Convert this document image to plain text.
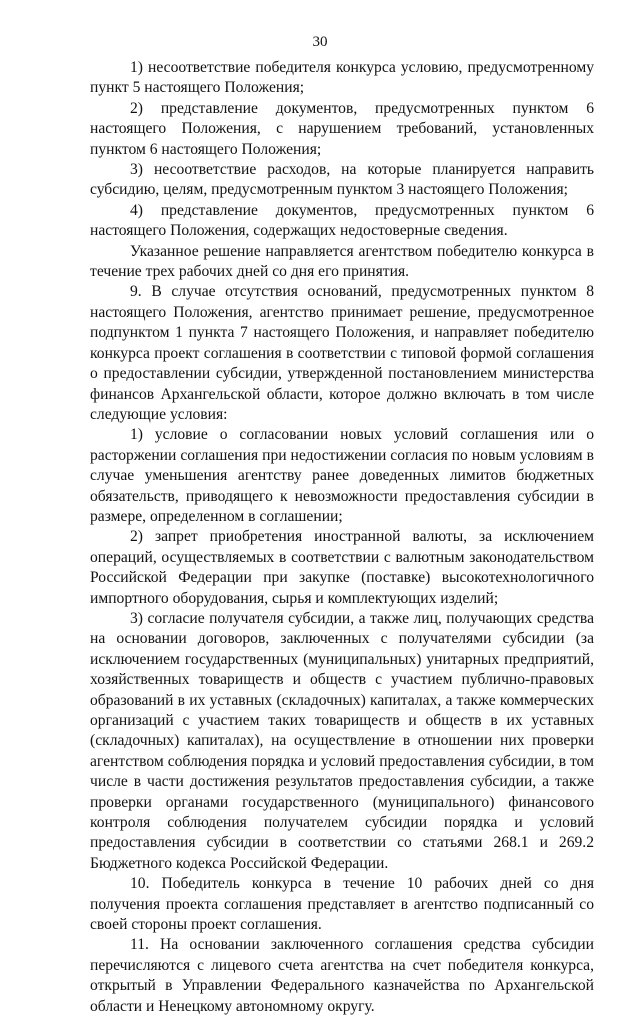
30

1) несоответствие победителя конкурса условию, предусмотренному пункт 5 настоящего Положения;

2) представление документов, предусмотренных пунктом 6 настоящего Положения, с нарушением требований, установленных пунктом 6 настоящего Положения;

3) несоответствие расходов, на которые планируется направить субсидию, целям, предусмотренным пунктом 3 настоящего Положения;

4) представление документов, предусмотренных пунктом 6 настоящего Положения, содержащих недостоверные сведения.

Указанное решение направляется агентством победителю конкурса в течение трех рабочих дней со дня его принятия.

9. В случае отсутствия оснований, предусмотренных пунктом 8 настоящего Положения, агентство принимает решение, предусмотренное подпунктом 1 пункта 7 настоящего Положения, и направляет победителю конкурса проект соглашения в соответствии с типовой формой соглашения о предоставлении субсидии, утвержденной постановлением министерства финансов Архангельской области, которое должно включать в том числе следующие условия:

1) условие о согласовании новых условий соглашения или о расторжении соглашения при недостижении согласия по новым условиям в случае уменьшения агентству ранее доведенных лимитов бюджетных обязательств, приводящего к невозможности предоставления субсидии в размере, определенном в соглашении;

2) запрет приобретения иностранной валюты, за исключением операций, осуществляемых в соответствии с валютным законодательством Российской Федерации при закупке (поставке) высокотехнологичного импортного оборудования, сырья и комплектующих изделий;

3) согласие получателя субсидии, а также лиц, получающих средства на основании договоров, заключенных с получателями субсидии (за исключением государственных (муниципальных) унитарных предприятий, хозяйственных товариществ и обществ с участием публично-правовых образований в их уставных (складочных) капиталах, а также коммерческих организаций с участием таких товариществ и обществ в их уставных (складочных) капиталах), на осуществление в отношении них проверки агентством соблюдения порядка и условий предоставления субсидии, в том числе в части достижения результатов предоставления субсидии, а также проверки органами государственного (муниципального) финансового контроля соблюдения получателем субсидии порядка и условий предоставления субсидии в соответствии со статьями 268.1 и 269.2 Бюджетного кодекса Российской Федерации.

10. Победитель конкурса в течение 10 рабочих дней со дня получения проекта соглашения представляет в агентство подписанный со своей стороны проект соглашения.

11. На основании заключенного соглашения средства субсидии перечисляются с лицевого счета агентства на счет победителя конкурса, открытый в Управлении Федерального казначейства по Архангельской области и Ненецкому автономному округу.
